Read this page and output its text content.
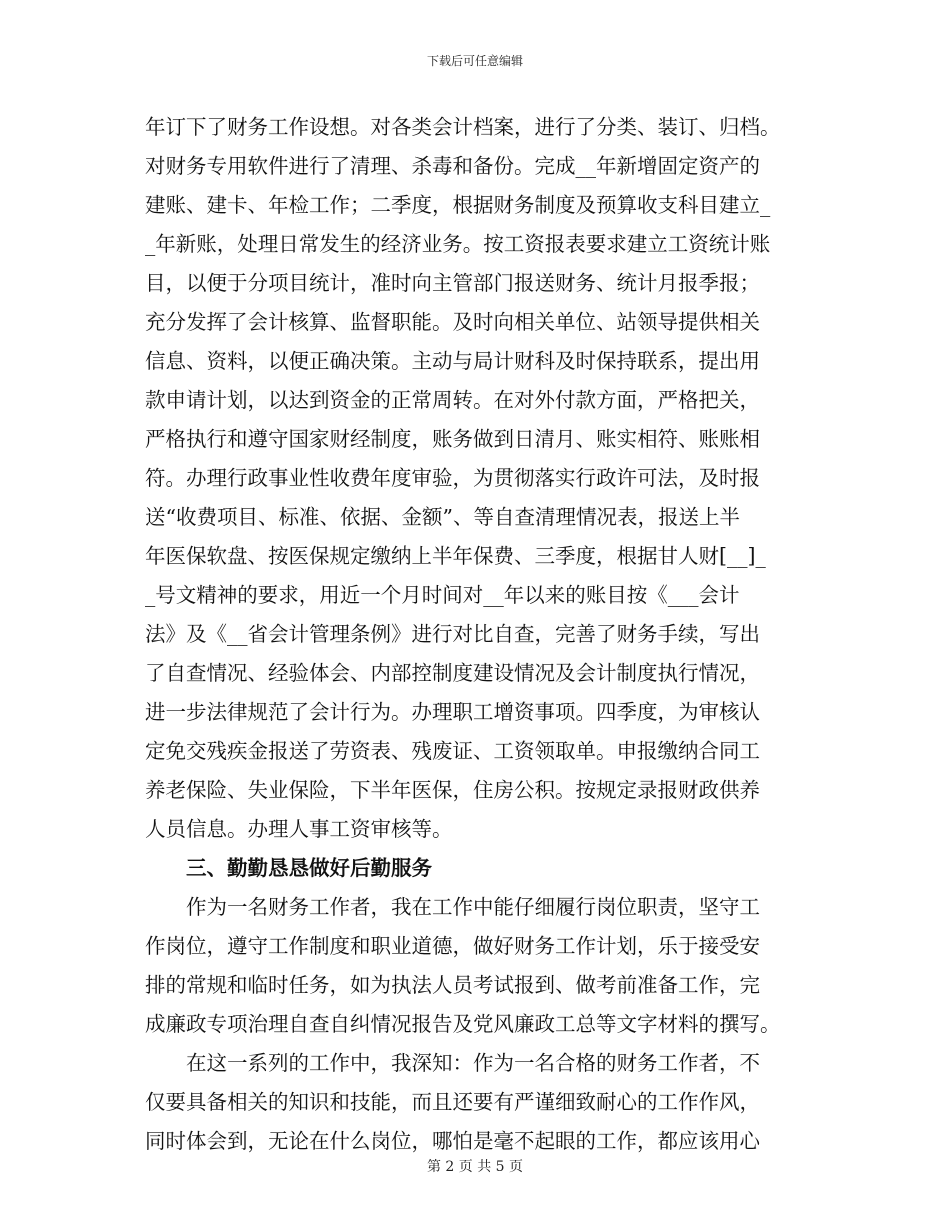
下载后可任意编辑
年订下了财务工作设想。对各类会计档案，进行了分类、装订、归档。
对财务专用软件进行了清理、杀毒和备份。完成__年新增固定资产的
建账、建卡、年检工作；二季度，根据财务制度及预算收支科目建立_
_年新账，处理日常发生的经济业务。按工资报表要求建立工资统计账
目，以便于分项目统计，准时向主管部门报送财务、统计月报季报；
充分发挥了会计核算、监督职能。及时向相关单位、站领导提供相关
信息、资料，以便正确决策。主动与局计财科及时保持联系，提出用
款申请计划，以达到资金的正常周转。在对外付款方面，严格把关，
严格执行和遵守国家财经制度，账务做到日清月、账实相符、账账相
符。办理行政事业性收费年度审验，为贯彻落实行政许可法，及时报
送“收费项目、标准、依据、金额”、等自查清理情况表，报送上半
年医保软盘、按医保规定缴纳上半年保费、三季度，根据甘人财[__]_
_号文精神的要求，用近一个月时间对__年以来的账目按《___会计
法》及《__省会计管理条例》进行对比自查，完善了财务手续，写出
了自查情况、经验体会、内部控制度建设情况及会计制度执行情况，
进一步法律规范了会计行为。办理职工增资事项。四季度，为审核认
定免交残疾金报送了劳资表、残废证、工资领取单。申报缴纳合同工
养老保险、失业保险，下半年医保，住房公积。按规定录报财政供养
人员信息。办理人事工资审核等。
三、勤勤恳恳做好后勤服务
作为一名财务工作者，我在工作中能仔细履行岗位职责，坚守工
作岗位，遵守工作制度和职业道德，做好财务工作计划，乐于接受安
排的常规和临时任务，如为执法人员考试报到、做考前准备工作，完
成廉政专项治理自查自纠情况报告及党风廉政工总等文字材料的撰写。
在这一系列的工作中，我深知：作为一名合格的财务工作者，不
仅要具备相关的知识和技能，而且还要有严谨细致耐心的工作作风，
同时体会到，无论在什么岗位，哪怕是毫不起眼的工作，都应该用心
第 2 页 共 5 页
